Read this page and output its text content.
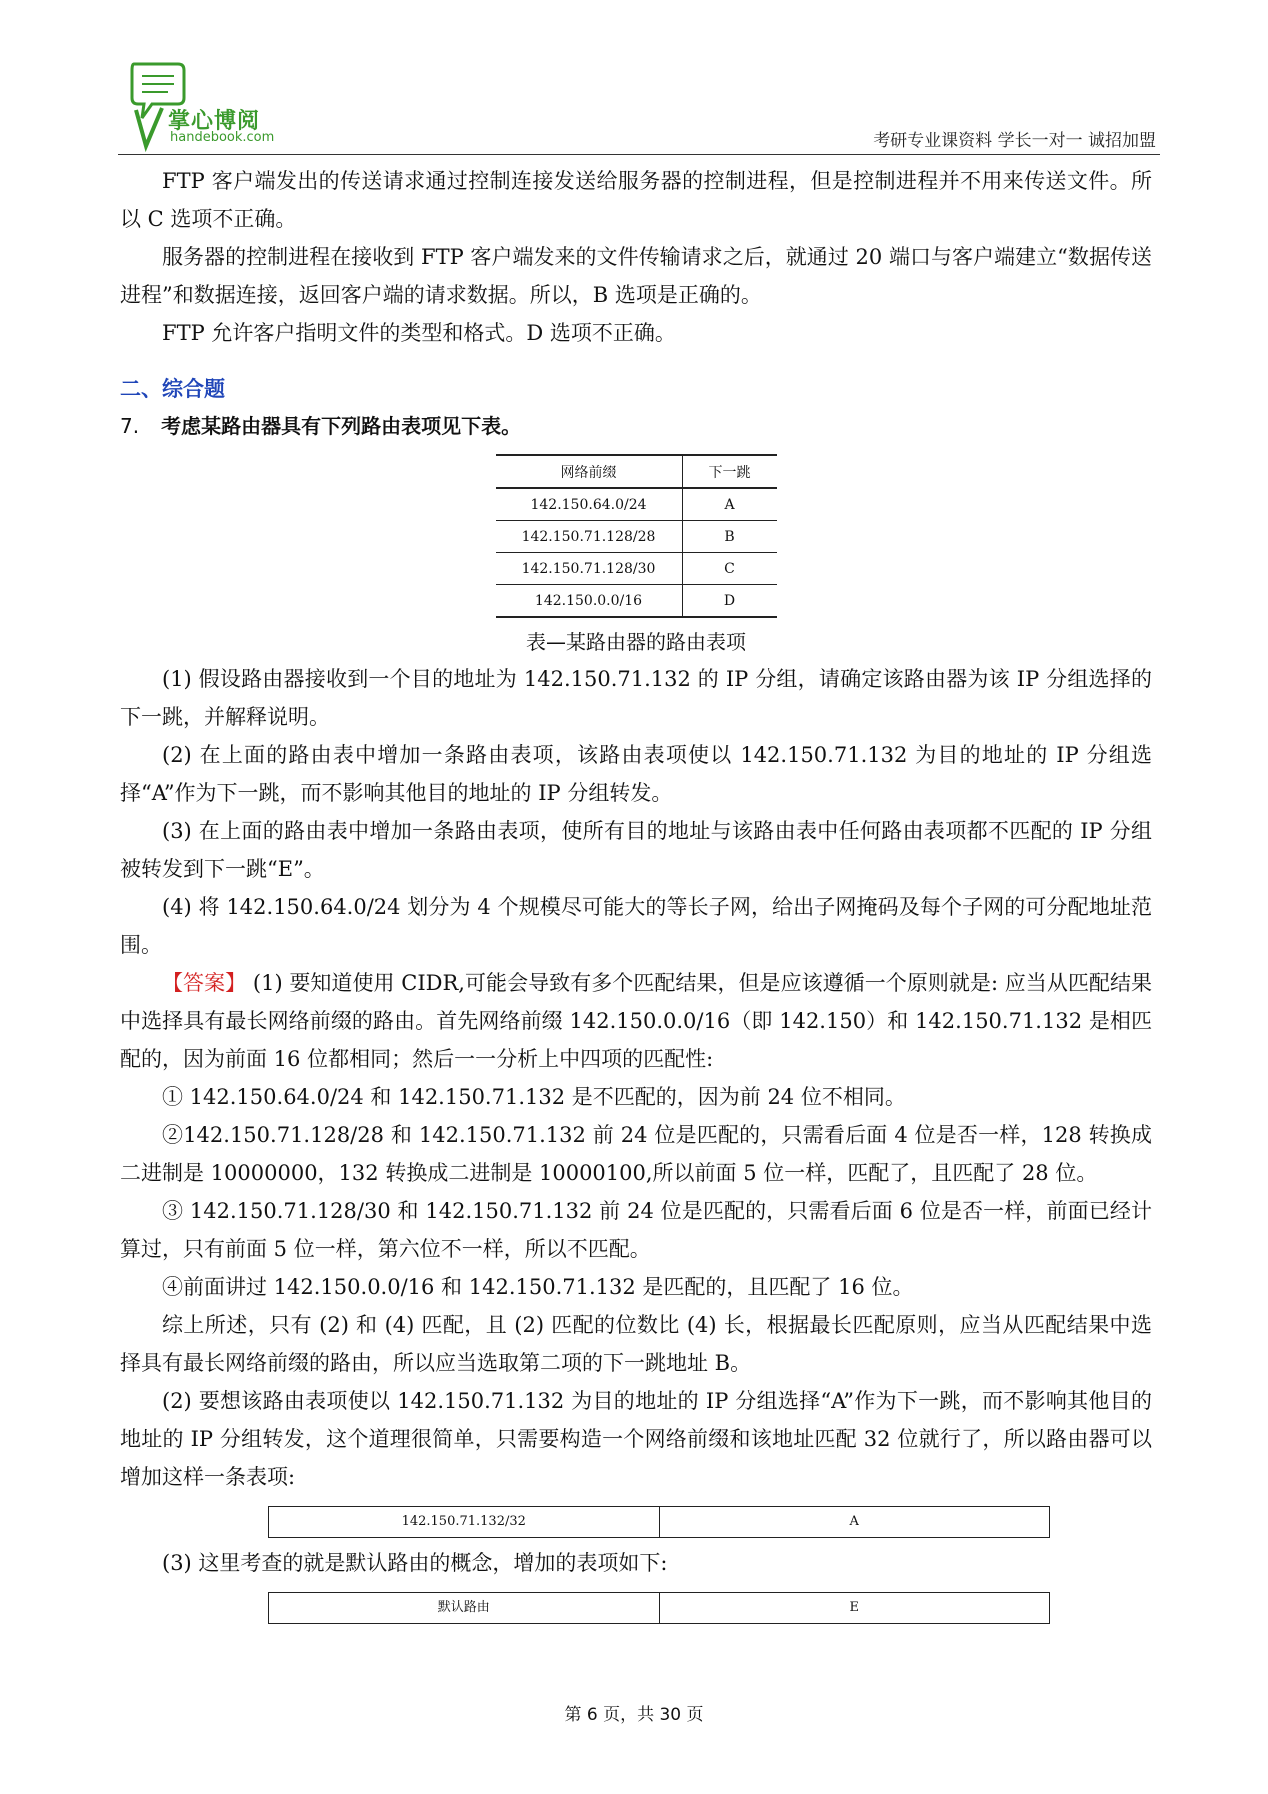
掌心博阅
handebook.com	考研专业课资料 学长一对一 诚招加盟

FTP 客户端发出的传送请求通过控制连接发送给服务器的控制进程，但是控制进程并不用来传送文件。所以 C 选项不正确。

服务器的控制进程在接收到 FTP 客户端发来的文件传输请求之后，就通过 20 端口与客户端建立“数据传送进程”和数据连接，返回客户端的请求数据。所以，B 选项是正确的。

FTP 允许客户指明文件的类型和格式。D 选项不正确。

二、综合题
7. 考虑某路由器具有下列路由表项见下表。
网络前缀	下一跳
142.150.64.0/24	A
142.150.71.128/28	B
142.150.71.128/30	C
142.150.0.0/16	D
表—某路由器的路由表项

(1) 假设路由器接收到一个目的地址为 142.150.71.132 的 IP 分组，请确定该路由器为该 IP 分组选择的下一跳，并解释说明。

(2) 在上面的路由表中增加一条路由表项，该路由表项使以 142.150.71.132 为目的地址的 IP 分组选择“A”作为下一跳，而不影响其他目的地址的 IP 分组转发。

(3) 在上面的路由表中增加一条路由表项，使所有目的地址与该路由表中任何路由表项都不匹配的 IP 分组被转发到下一跳“E”。

(4) 将 142.150.64.0/24 划分为 4 个规模尽可能大的等长子网，给出子网掩码及每个子网的可分配地址范围。

【答案】 (1) 要知道使用 CIDR,可能会导致有多个匹配结果，但是应该遵循一个原则就是: 应当从匹配结果中选择具有最长网络前缀的路由。首先网络前缀 142.150.0.0/16（即 142.150）和 142.150.71.132 是相匹配的，因为前面 16 位都相同；然后一一分析上中四项的匹配性:

① 142.150.64.0/24 和 142.150.71.132 是不匹配的，因为前 24 位不相同。

②142.150.71.128/28 和 142.150.71.132 前 24 位是匹配的，只需看后面 4 位是否一样，128 转换成二进制是 10000000，132 转换成二进制是 10000100,所以前面 5 位一样，匹配了，且匹配了 28 位。

③ 142.150.71.128/30 和 142.150.71.132 前 24 位是匹配的，只需看后面 6 位是否一样，前面已经计算过，只有前面 5 位一样，第六位不一样，所以不匹配。

④前面讲过 142.150.0.0/16 和 142.150.71.132 是匹配的，且匹配了 16 位。

综上所述，只有 (2) 和 (4) 匹配，且 (2) 匹配的位数比 (4) 长，根据最长匹配原则，应当从匹配结果中选择具有最长网络前缀的路由，所以应当选取第二项的下一跳地址 B。

(2) 要想该路由表项使以 142.150.71.132 为目的地址的 IP 分组选择“A”作为下一跳，而不影响其他目的地址的 IP 分组转发，这个道理很简单，只需要构造一个网络前缀和该地址匹配 32 位就行了，所以路由器可以增加这样一条表项:

142.150.71.132/32	A

(3) 这里考查的就是默认路由的概念，增加的表项如下:

默认路由	E
第 6 页，共 30 页
